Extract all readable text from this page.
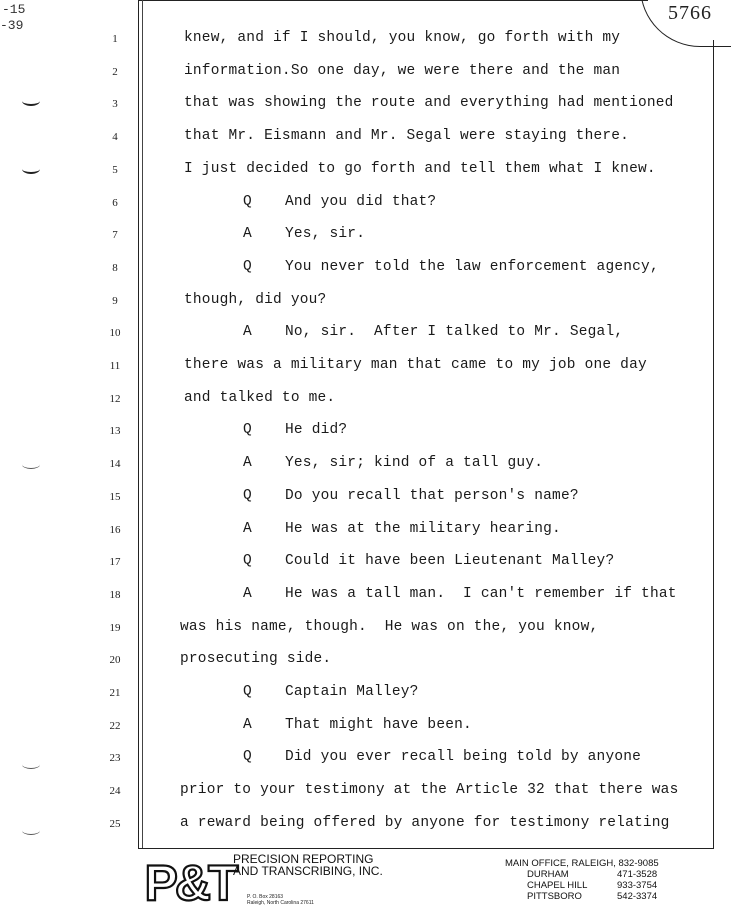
-15
-39
5766
1	knew, and if I should, you know, go forth with my
2	information.So one day, we were there and the man
3	that was showing the route and everything had mentioned
4	that Mr. Eismann and Mr. Segal were staying there.
5	I just decided to go forth and tell them what I knew.
6	Q And you did that?
7	A Yes, sir.
8	Q You never told the law enforcement agency,
9	though, did you?
10	A No, sir.  After I talked to Mr. Segal,
11	there was a military man that came to my job one day
12	and talked to me.
13	Q He did?
14	A Yes, sir; kind of a tall guy.
15	Q Do you recall that person's name?
16	A He was at the military hearing.
17	Q Could it have been Lieutenant Malley?
18	A He was a tall man.  I can't remember if that
19	was his name, though.  He was on the, you know,
20	prosecuting side.
21	Q Captain Malley?
22	A That might have been.
23	Q Did you ever recall being told by anyone
24	prior to your testimony at the Article 32 that there was
25	a reward being offered by anyone for testimony relating
P&T
PRECISION REPORTING
AND TRANSCRIBING, INC.
P. O. Box 28163
Raleigh, North Carolina 27611
MAIN OFFICE, RALEIGH, 832-9085
DURHAM	471-3528
CHAPEL HILL	933-3754
PITTSBORO	542-3374
